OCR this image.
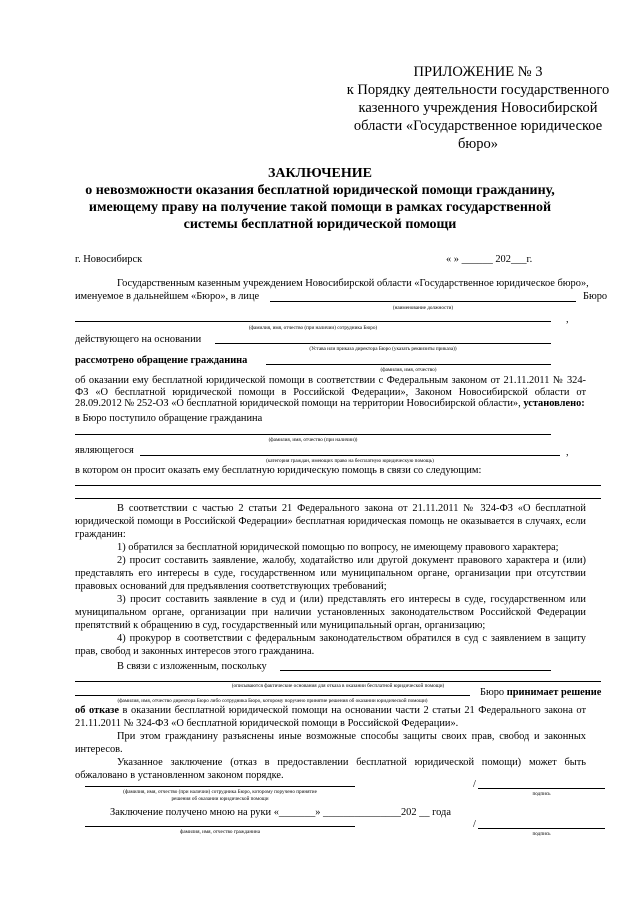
ПРИЛОЖЕНИЕ № 3
к Порядку деятельности государственного
казенного учреждения Новосибирской
области «Государственное юридическое
бюро»
ЗАКЛЮЧЕНИЕ
о невозможности оказания бесплатной юридической помощи гражданину,
имеющему праву на получение такой помощи в рамках государственной
системы бесплатной юридической помощи
г. Новосибирск	« » ______ 202___г.
Государственным казенным учреждением Новосибирской области «Государственное юридическое бюро»,
именуемое в дальнейшем «Бюро», в лице	Бюро
(наименование должности)
,
(фамилия, имя, отчество (при наличии) сотрудника Бюро)
действующего на основании
(Устава или приказа директора Бюро (указать реквизиты приказа))
рассмотрено обращение гражданина
(фамилия, имя, отчество)
об оказании ему бесплатной юридической помощи в соответствии с Федеральным законом от 21.11.2011 № 324-ФЗ «О бесплатной юридической помощи в Российской Федерации», Законом Новосибирской области от 28.09.2012 № 252-ОЗ «О бесплатной юридической помощи на территории Новосибирской области», установлено:
в Бюро поступило обращение гражданина
(фамилия, имя, отчество (при наличии))
являющегося	,
(категория граждан, имеющих право на бесплатную юридическую помощь)
в котором он просит оказать ему бесплатную юридическую помощь в связи со следующим:
В соответствии с частью 2 статьи 21 Федерального закона от 21.11.2011 № 324-ФЗ «О бесплатной юридической помощи в Российской Федерации» бесплатная юридическая помощь не оказывается в случаях, если гражданин:
1) обратился за бесплатной юридической помощью по вопросу, не имеющему правового характера;
2) просит составить заявление, жалобу, ходатайство или другой документ правового характера и (или) представлять его интересы в суде, государственном или муниципальном органе, организации при отсутствии правовых оснований для предъявления соответствующих требований;
3) просит составить заявление в суд и (или) представлять его интересы в суде, государственном или муниципальном органе, организации при наличии установленных законодательством Российской Федерации препятствий к обращению в суд, государственный или муниципальный орган, организацию;
4) прокурор в соответствии с федеральным законодательством обратился в суд с заявлением в защиту прав, свобод и законных интересов этого гражданина.
В связи с изложенным, поскольку
(описываются фактические основания для отказа в оказании бесплатной юридической помощи)
Бюро принимает решение
(фамилия, имя, отчество директора Бюро либо сотрудника Бюро, которому поручено принятие решения об оказании юридической помощи)
об отказе в оказании бесплатной юридической помощи на основании части 2 статьи 21 Федерального закона от 21.11.2011 № 324-ФЗ «О бесплатной юридической помощи в Российской Федерации».
При этом гражданину разъяснены иные возможные способы защиты своих прав, свобод и законных интересов.
Указанное заключение (отказ в предоставлении бесплатной юридической помощи) может быть обжаловано в установленном законом порядке.
(фамилия, имя, отчество (при наличии) сотрудника Бюро, которому поручено принятие
решения об оказании юридической помощи
/
подпись
Заключение получено мною на руки «_______» _______________202 __ года
фамилия, имя, отчество гражданина
/
подпись
